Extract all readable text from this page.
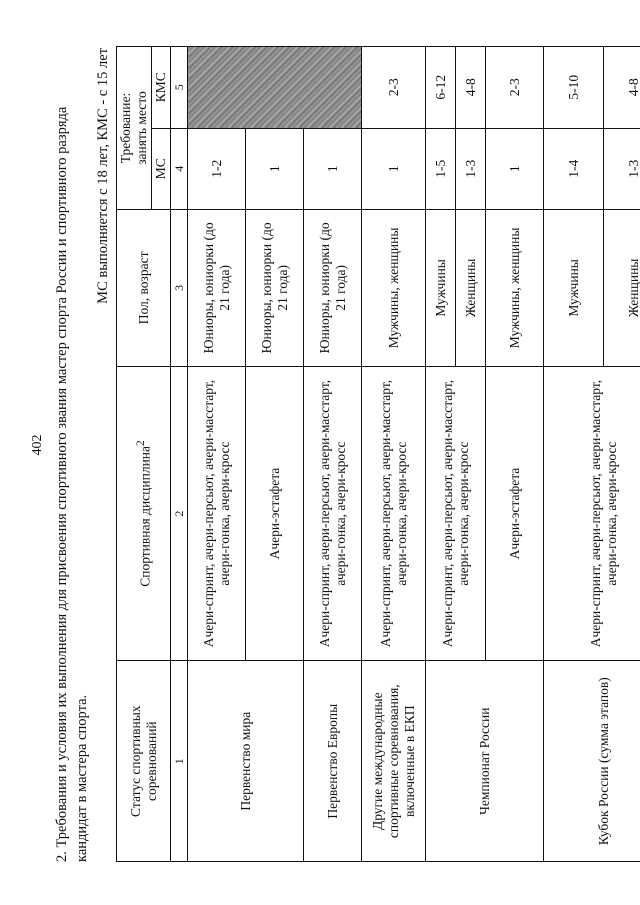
402 2. Требования и условия их выполнения для присвоения спортивного звания мастер спорта России и спортивного разряда кандидат в мастера спорта.
МС выполняется с 18 лет, КМС - с 15 лет
Статус спортивных соревнований	Спортивная дисциплина$^2$	Пол, возраст	Требование: занять место	

			МС	КМС
1	2	3	4	5
Первенство мира	Ачери-спринт, ачери-персьют, ачери-масстарт, ачери-гонка, ачери-кросс	Юниоры, юниорки (до 21 года)	1-2	
	Ачери-эстафета	Юниоры, юниорки (до 21 года)	1	
Первенство Европы	Ачери-спринт, ачери-персьют, ачери-масстарт, ачери-гонка, ачери-кросс	Юниоры, юниорки (до 21 года)	1	
Другие международные спортивные соревнования, включенные в ЕКП	Ачери-спринт, ачери-персьют, ачери-масстарт, ачери-гонка, ачери-кросс	Мужчины, женщины	1	2-3
Чемпионат России	Ачери-спринт, ачери-персьют, ачери-масстарт, ачери-гонка, ачери-кросс	Мужчины	1-5	6-12
		Женщины	1-3	4-8
	Ачери-эстафета	Мужчины, женщины	1	2-3
Кубок России (сумма этапов)	Ачери-спринт, ачери-персьют, ачери-масстарт, ачери-гонка, ачери-кросс	Мужчины	1-4	5-10
		Женщины	1-3	4-8
